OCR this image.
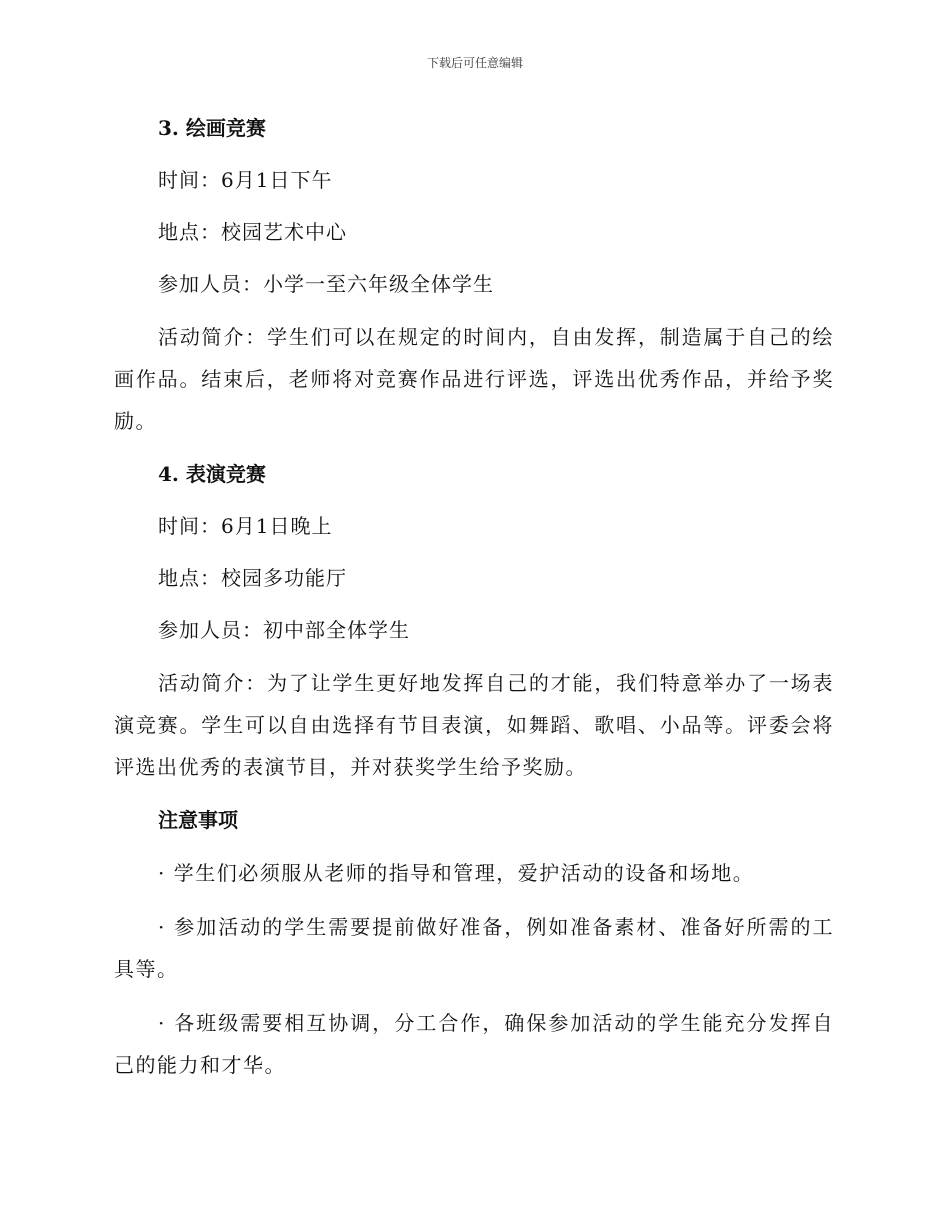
下载后可任意编辑
3. 绘画竞赛
时间：6月1日下午
地点：校园艺术中心
参加人员：小学一至六年级全体学生

活动简介：学生们可以在规定的时间内，自由发挥，制造属于自己的绘画作品。结束后，老师将对竞赛作品进行评选，评选出优秀作品，并给予奖励。

4. 表演竞赛
时间：6月1日晚上
地点：校园多功能厅
参加人员：初中部全体学生

活动简介：为了让学生更好地发挥自己的才能，我们特意举办了一场表演竞赛。学生可以自由选择有节目表演，如舞蹈、歌唱、小品等。评委会将评选出优秀的表演节目，并对获奖学生给予奖励。

注意事项

· 学生们必须服从老师的指导和管理，爱护活动的设备和场地。

· 参加活动的学生需要提前做好准备，例如准备素材、准备好所需的工具等。

· 各班级需要相互协调，分工合作，确保参加活动的学生能充分发挥自己的能力和才华。
